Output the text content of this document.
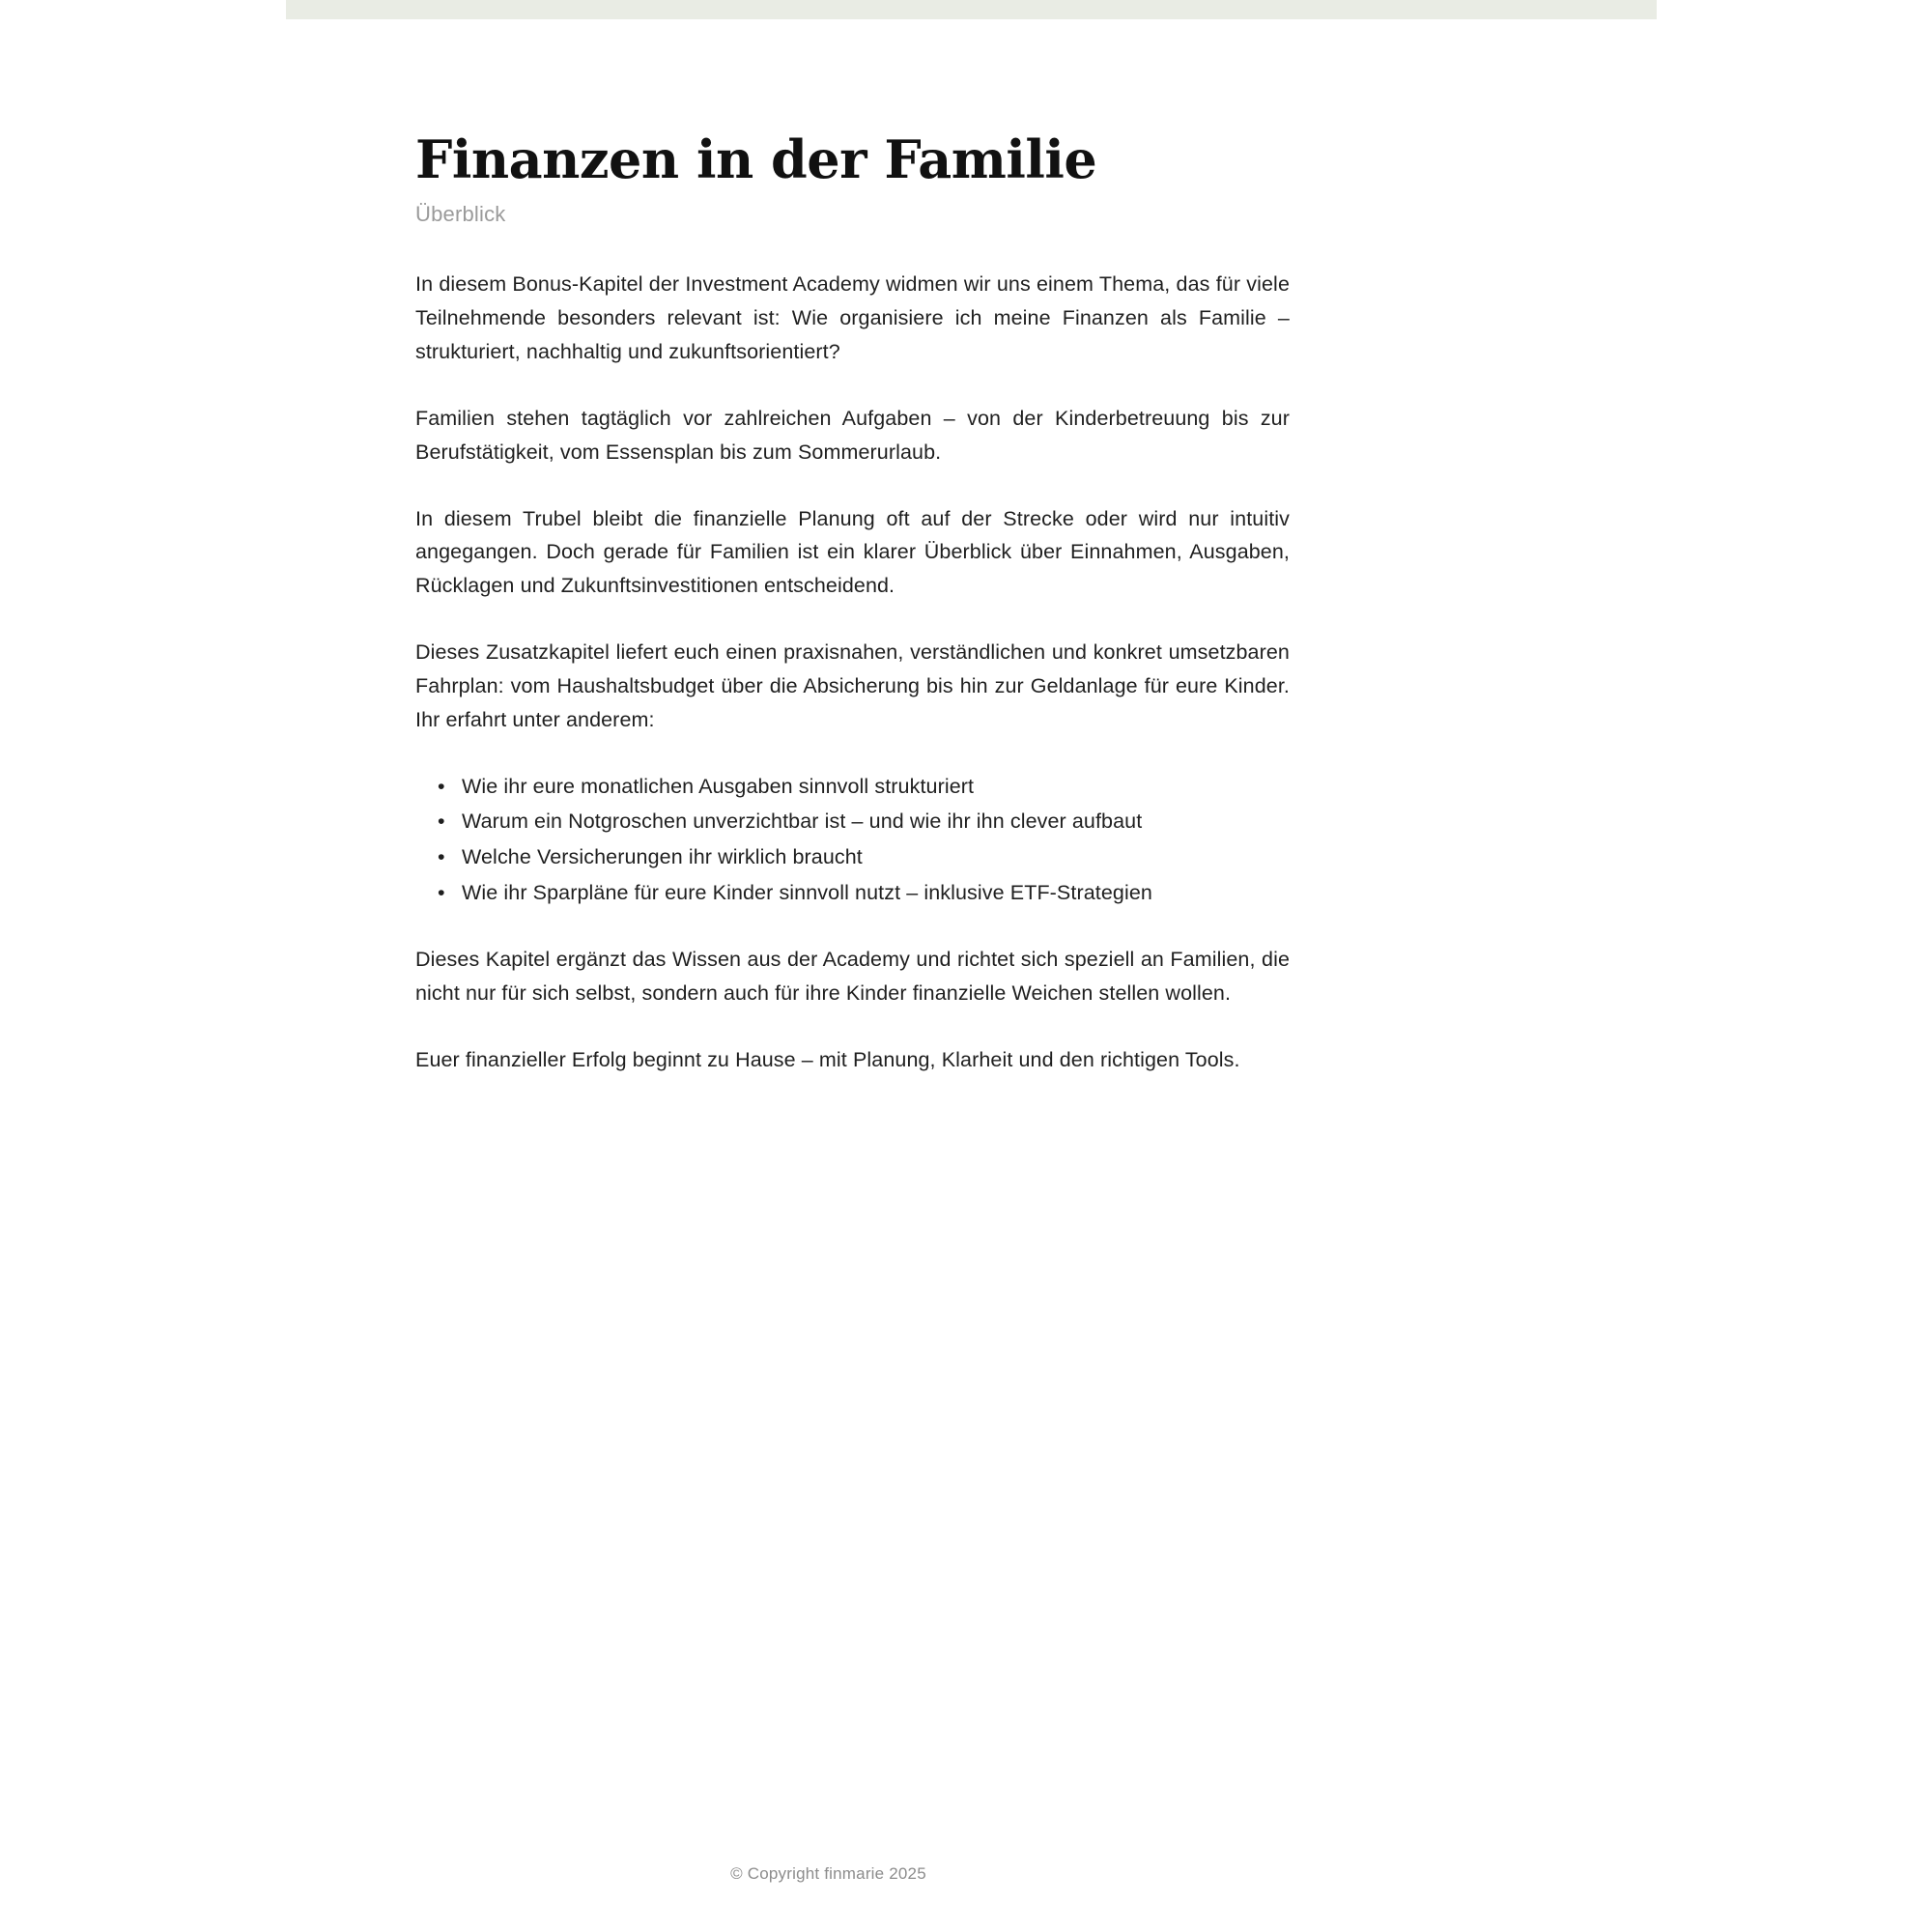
Finanzen in der Familie
Überblick

In diesem Bonus-Kapitel der Investment Academy widmen wir uns einem Thema, das für viele Teilnehmende besonders relevant ist: Wie organisiere ich meine Finanzen als Familie – strukturiert, nachhaltig und zukunftsorientiert?

Familien stehen tagtäglich vor zahlreichen Aufgaben – von der Kinderbetreuung bis zur Berufstätigkeit, vom Essensplan bis zum Sommerurlaub.

In diesem Trubel bleibt die finanzielle Planung oft auf der Strecke oder wird nur intuitiv angegangen. Doch gerade für Familien ist ein klarer Überblick über Einnahmen, Ausgaben, Rücklagen und Zukunftsinvestitionen entscheidend.

Dieses Zusatzkapitel liefert euch einen praxisnahen, verständlichen und konkret umsetzbaren Fahrplan: vom Haushaltsbudget über die Absicherung bis hin zur Geldanlage für eure Kinder. Ihr erfahrt unter anderem:

• Wie ihr eure monatlichen Ausgaben sinnvoll strukturiert
• Warum ein Notgroschen unverzichtbar ist – und wie ihr ihn clever aufbaut
• Welche Versicherungen ihr wirklich braucht
• Wie ihr Sparpläne für eure Kinder sinnvoll nutzt – inklusive ETF-Strategien

Dieses Kapitel ergänzt das Wissen aus der Academy und richtet sich speziell an Familien, die nicht nur für sich selbst, sondern auch für ihre Kinder finanzielle Weichen stellen wollen.

Euer finanzieller Erfolg beginnt zu Hause – mit Planung, Klarheit und den richtigen Tools.

© Copyright finmarie 2025
